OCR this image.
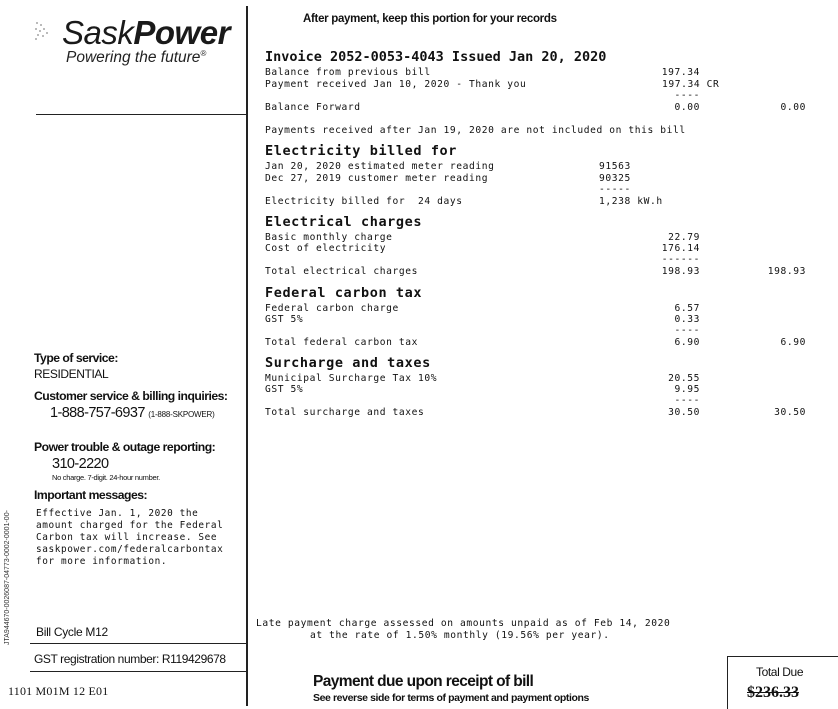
SaskPower
Powering the future®
After payment, keep this portion for your records
Type of service:
RESIDENTIAL
Customer service & billing inquiries:
1-888-757-6937 (1-888-SKPOWER)
Power trouble & outage reporting:
310-2220
No charge. 7-digit. 24-hour number.
Important messages:
Effective Jan. 1, 2020 the
amount charged for the Federal
Carbon tax will increase. See
saskpower.com/federalcarbontax
for more information.
JTA944670-0026087-04773-0002-0001-00- Bill Cycle M12
GST registration number: R119429678
1101 M01M 12 E01
Invoice 2052-0053-4043 Issued Jan 20, 2020
Balance from previous bill	197.34
Payment received Jan 10, 2020 - Thank you	197.34 CR
----
Balance Forward	0.00	0.00
Payments received after Jan 19, 2020 are not included on this bill
Electricity billed for
Jan 20, 2020 estimated meter reading	91563
Dec 27, 2019 customer meter reading	90325
-----
Electricity billed for  24 days	1,238 kW.h
Electrical charges
Basic monthly charge	22.79
Cost of electricity	176.14
------
Total electrical charges	198.93	198.93
Federal carbon tax
Federal carbon charge	6.57
GST 5%	0.33
----
Total federal carbon tax	6.90	6.90
Surcharge and taxes
Municipal Surcharge Tax 10%	20.55
GST 5%	9.95
----
Total surcharge and taxes	30.50	30.50
Late payment charge assessed on amounts unpaid as of Feb 14, 2020
at the rate of 1.50% monthly (19.56% per year).
Payment due upon receipt of bill
See reverse side for terms of payment and payment options
Total Due
$236.33
